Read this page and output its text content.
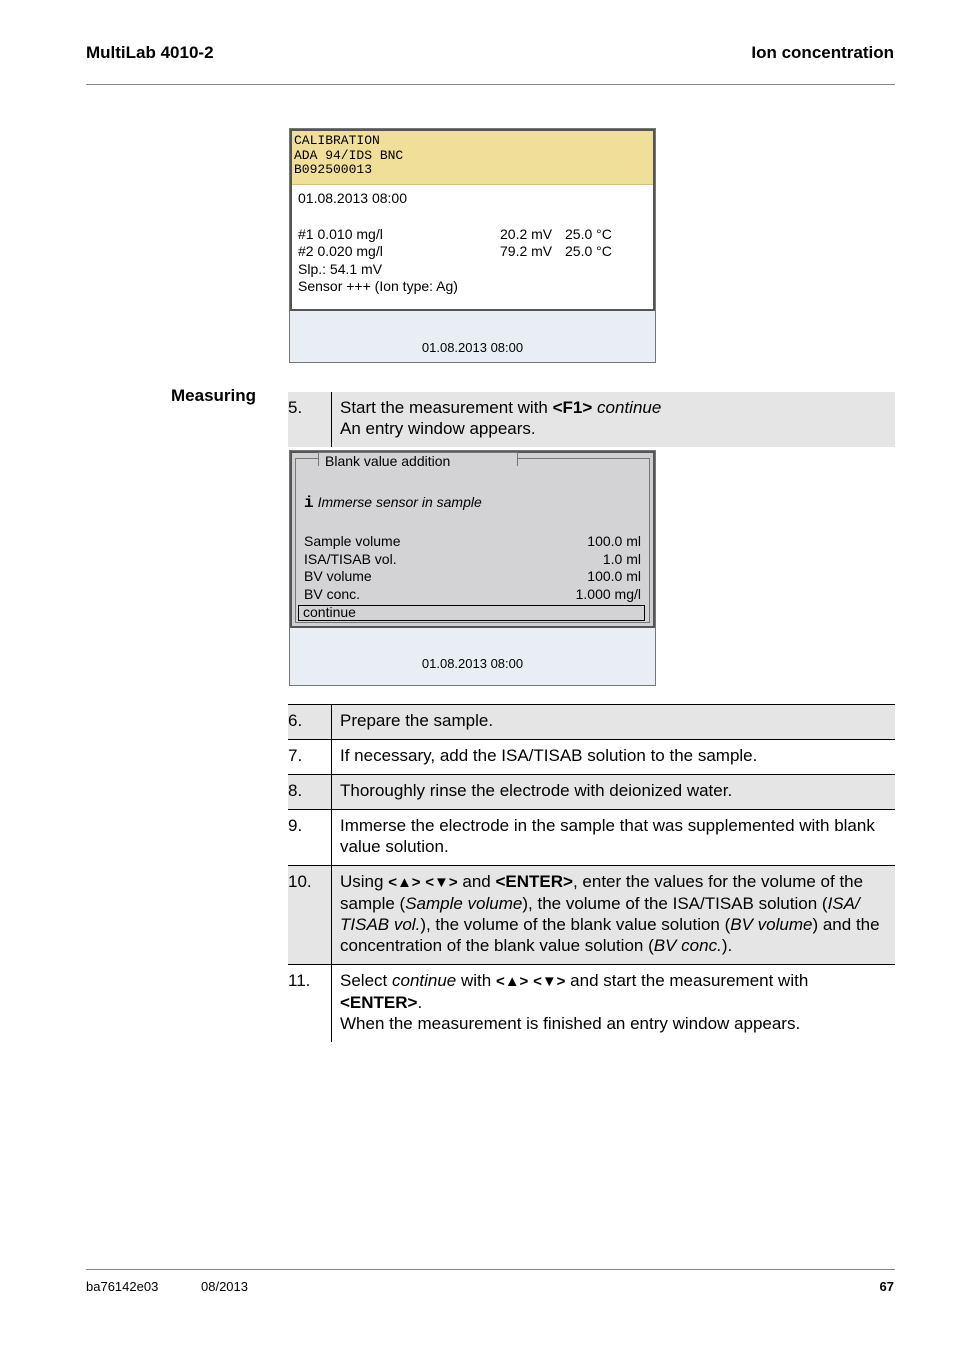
MultiLab 4010-2	Ion concentration
CALIBRATION
ADA 94/IDS BNC
B092500013
01.08.2013 08:00
#1 0.010 mg/l	20.2 mV 25.0 °C
#2 0.020 mg/l	79.2 mV 25.0 °C
Slp.: 54.1 mV
Sensor +++ (Ion type: Ag)
01.08.2013 08:00
Measuring
5.	Start the measurement with <F1> continue
An entry window appears.
Blank value addition
i Immerse sensor in sample
Sample volume	100.0 ml
ISA/TISAB vol.	1.0 ml
BV volume	100.0 ml
BV conc.	1.000 mg/l
continue
01.08.2013 08:00
6.	Prepare the sample.
7.	If necessary, add the ISA/TISAB solution to the sample.
8.	Thoroughly rinse the electrode with deionized water.
9.	Immerse the electrode in the sample that was supplemented with blank value solution.
10.	Using <▲> <▼> and <ENTER>, enter the values for the volume of the sample (Sample volume), the volume of the ISA/TISAB solution (ISA/ TISAB vol.), the volume of the blank value solution (BV volume) and the concentration of the blank value solution (BV conc.).
11.	Select continue with <▲> <▼> and start the measurement with
<ENTER>.
When the measurement is finished an entry window appears.
ba76142e03	08/2013	67
